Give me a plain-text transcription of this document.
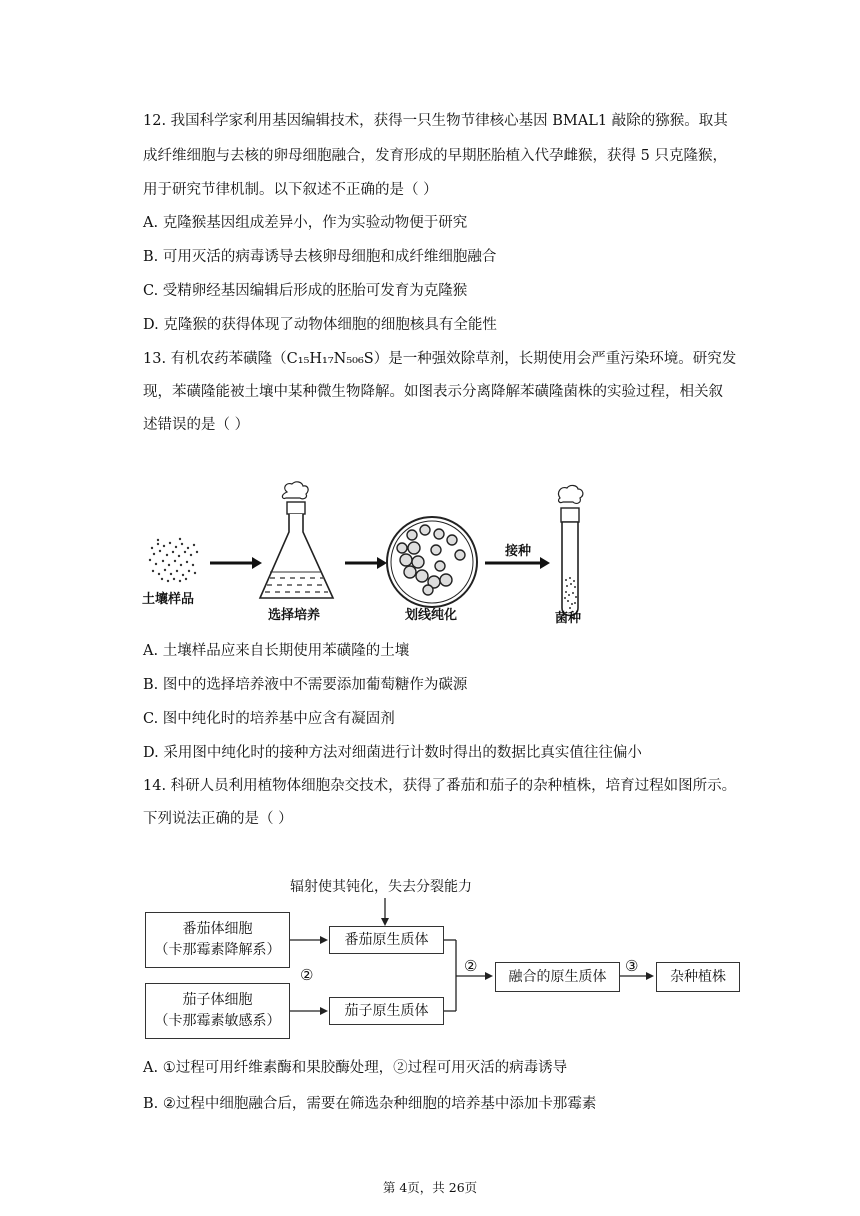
12. 我国科学家利用基因编辑技术，获得一只生物节律核心基因 BMAL1 敲除的猕猴。取其
成纤维细胞与去核的卵母细胞融合，发育形成的早期胚胎植入代孕雌猴，获得 5 只克隆猴，
用于研究节律机制。以下叙述不正确的是（ ）
A. 克隆猴基因组成差异小，作为实验动物便于研究
B. 可用灭活的病毒诱导去核卵母细胞和成纤维细胞融合
C. 受精卵经基因编辑后形成的胚胎可发育为克隆猴
D. 克隆猴的获得体现了动物体细胞的细胞核具有全能性
13. 有机农药苯磺隆（C₁₅H₁₇N₅₀₆S）是一种强效除草剂，长期使用会严重污染环境。研究发
现，苯磺隆能被土壤中某种微生物降解。如图表示分离降解苯磺隆菌株的实验过程，相关叙
述错误的是（ ）
土壤样品
选择培养	划线纯化
接种
菌种
A. 土壤样品应来自长期使用苯磺隆的土壤
B. 图中的选择培养液中不需要添加葡萄糖作为碳源
C. 图中纯化时的培养基中应含有凝固剂
D. 采用图中纯化时的接种方法对细菌进行计数时得出的数据比真实值往往偏小
14. 科研人员利用植物体细胞杂交技术，获得了番茄和茄子的杂种植株，培育过程如图所示。
下列说法正确的是（ ）
辐射使其钝化，失去分裂能力
番茄体细胞
（卡那霉素降解系）
茄子体细胞
（卡那霉素敏感系）
②
番茄原生质体
茄子原生质体
②
融合的原生质体
③
杂种植株
A. ①过程可用纤维素酶和果胶酶处理，②过程可用灭活的病毒诱导
B. ②过程中细胞融合后，需要在筛选杂种细胞的培养基中添加卡那霉素
第 4页，共 26页
